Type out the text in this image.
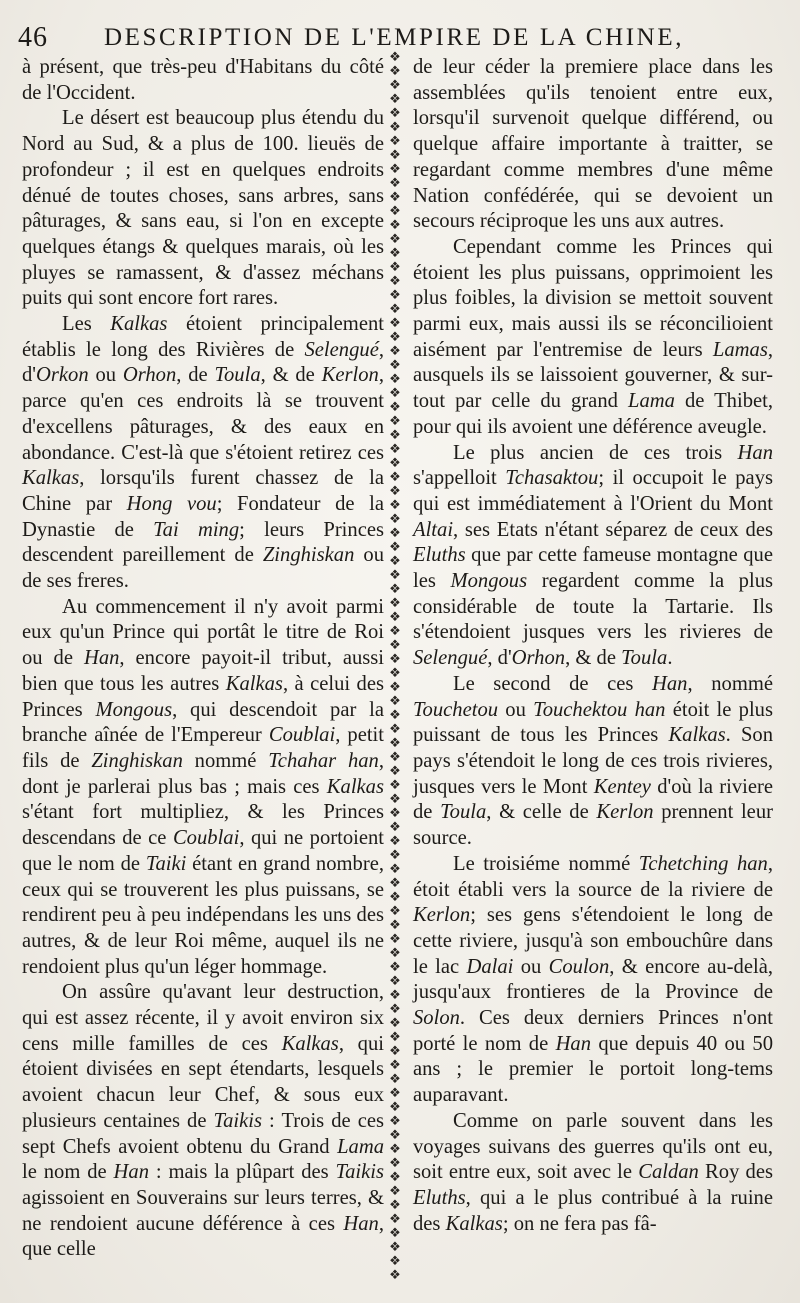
46 DESCRIPTION DE L'EMPIRE DE LA CHINE,

à présent, que très-peu d'Habitans du côté de l'Occident.

Le désert est beaucoup plus étendu du Nord au Sud, & a plus de 100. lieuës de profondeur ; il est en quelques endroits dénué de toutes choses, sans arbres, sans pâturages, & sans eau, si l'on en excepte quelques étangs & quelques marais, où les pluyes se ramassent, & d'assez méchans puits qui sont encore fort rares.

Les Kalkas étoient principalement établis le long des Rivières de Selengué, d'Orkon ou Orhon, de Toula, & de Kerlon, parce qu'en ces endroits là se trouvent d'excellens pâturages, & des eaux en abondance. C'est-là que s'étoient retirez ces Kalkas, lorsqu'ils furent chassez de la Chine par Hong vou; Fondateur de la Dynastie de Tai ming; leurs Princes descendent pareillement de Zinghiskan ou de ses freres.

Au commencement il n'y avoit parmi eux qu'un Prince qui portât le titre de Roi ou de Han, encore payoit-il tribut, aussi bien que tous les autres Kalkas, à celui des Princes Mongous, qui descendoit par la branche aînée de l'Empereur Coublai, petit fils de Zinghiskan nommé Tchahar han, dont je parlerai plus bas ; mais ces Kalkas s'étant fort multipliez, & les Princes descendans de ce Coublai, qui ne portoient que le nom de Taiki étant en grand nombre, ceux qui se trouverent les plus puissans, se rendirent peu à peu indépendans les uns des autres, & de leur Roi même, auquel ils ne rendoient plus qu'un léger hommage.

On assûre qu'avant leur destruction, qui est assez récente, il y avoit environ six cens mille familles de ces Kalkas, qui étoient divisées en sept étendarts, lesquels avoient chacun leur Chef, & sous eux plusieurs centaines de Taikis : Trois de ces sept Chefs avoient obtenu du Grand Lama le nom de Han : mais la plûpart des Taikis agissoient en Souverains sur leurs terres, & ne rendoient aucune déférence à ces Han, que celle

❖
❖
❖
❖
❖
❖
❖
❖
❖
❖
❖
❖
❖
❖
❖
❖
❖
❖
❖
❖
❖
❖
❖
❖
❖
❖
❖
❖
❖
❖
❖
❖
❖
❖
❖
❖
❖
❖
❖
❖
❖
❖
❖
❖
❖
❖
❖
❖
❖
❖
❖
❖
❖
❖
❖
❖
❖
❖
❖
❖
❖
❖
❖
❖
❖
❖
❖
❖
❖
❖
❖
❖
❖
❖
❖
❖
❖
❖
❖
❖
❖
❖
❖
❖
❖
❖
❖
❖

de leur céder la premiere place dans les assemblées qu'ils tenoient entre eux, lorsqu'il survenoit quelque différend, ou quelque affaire importante à traitter, se regardant comme membres d'une même Nation confédérée, qui se devoient un secours réciproque les uns aux autres.

Cependant comme les Princes qui étoient les plus puissans, opprimoient les plus foibles, la division se mettoit souvent parmi eux, mais aussi ils se réconcilioient aisément par l'entremise de leurs Lamas, ausquels ils se laissoient gouverner, & sur-tout par celle du grand Lama de Thibet, pour qui ils avoient une déférence aveugle.

Le plus ancien de ces trois Han s'appelloit Tchasaktou; il occupoit le pays qui est immédiatement à l'Orient du Mont Altai, ses Etats n'étant séparez de ceux des Eluths que par cette fameuse montagne que les Mongous regardent comme la plus considérable de toute la Tartarie. Ils s'étendoient jusques vers les rivieres de Selengué, d'Orhon, & de Toula.

Le second de ces Han, nommé Touchetou ou Touchektou han étoit le plus puissant de tous les Princes Kalkas. Son pays s'étendoit le long de ces trois rivieres, jusques vers le Mont Kentey d'où la riviere de Toula, & celle de Kerlon prennent leur source.

Le troisiéme nommé Tchetching han, étoit établi vers la source de la riviere de Kerlon; ses gens s'étendoient le long de cette riviere, jusqu'à son embouchûre dans le lac Dalai ou Coulon, & encore au-delà, jusqu'aux frontieres de la Province de Solon. Ces deux derniers Princes n'ont porté le nom de Han que depuis 40 ou 50 ans ; le premier le portoit long-tems auparavant.

Comme on parle souvent dans les voyages suivans des guerres qu'ils ont eu, soit entre eux, soit avec le Caldan Roy des Eluths, qui a le plus contribué à la ruine des Kalkas; on ne fera pas fâ-
